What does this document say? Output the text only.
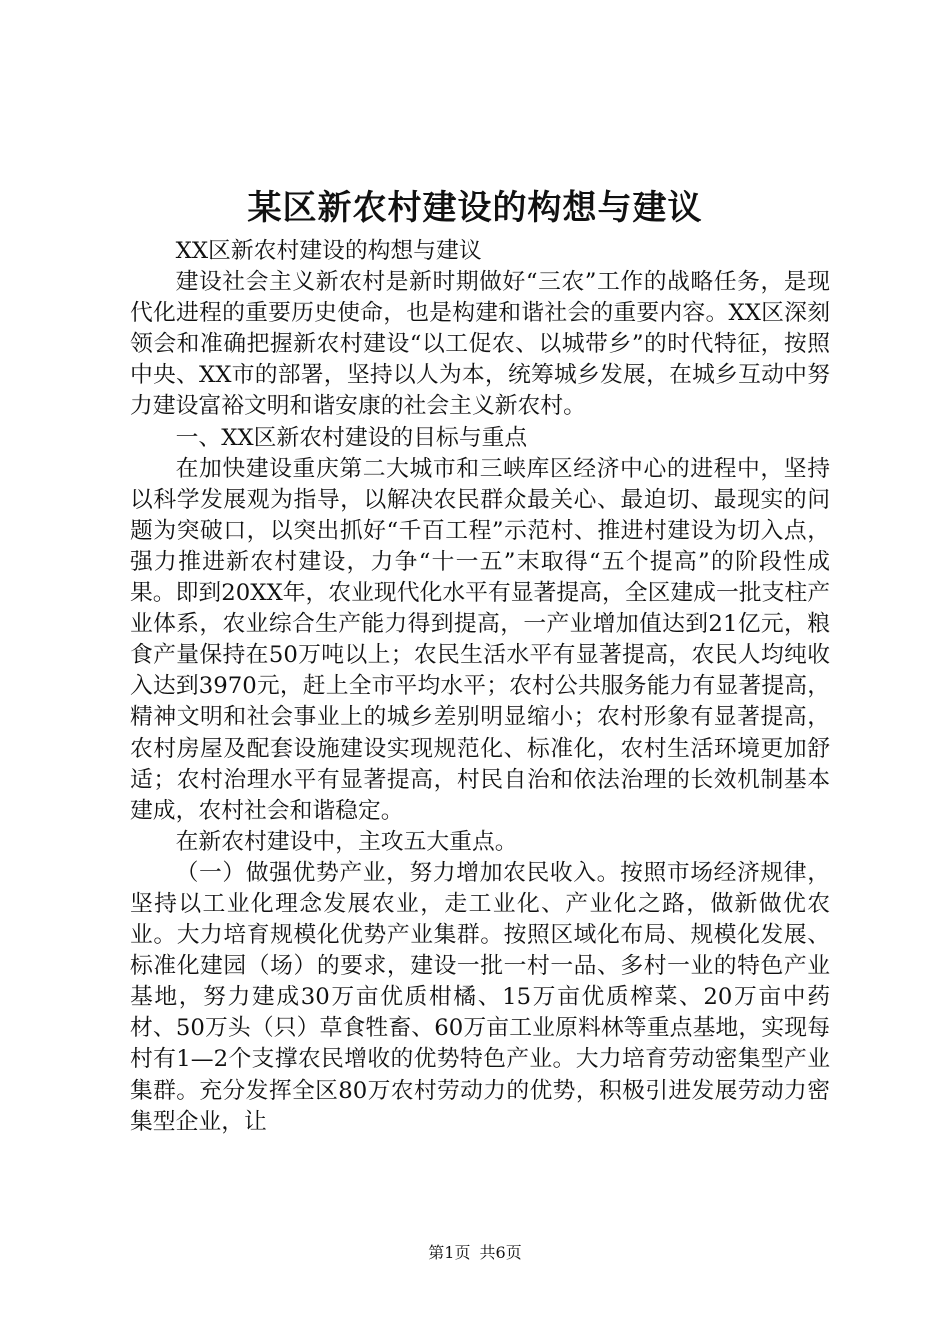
某区新农村建设的构想与建议

XX区新农村建设的构想与建议

建设社会主义新农村是新时期做好“三农”工作的战略任务，是现代化进程的重要历史使命，也是构建和谐社会的重要内容。XX区深刻领会和准确把握新农村建设“以工促农、以城带乡”的时代特征，按照中央、XX市的部署，坚持以人为本，统筹城乡发展，在城乡互动中努力建设富裕文明和谐安康的社会主义新农村。

一、XX区新农村建设的目标与重点

在加快建设重庆第二大城市和三峡库区经济中心的进程中，坚持以科学发展观为指导，以解决农民群众最关心、最迫切、最现实的问题为突破口，以突出抓好“千百工程”示范村、推进村建设为切入点，强力推进新农村建设，力争“十一五”末取得“五个提高”的阶段性成果。即到20XX年，农业现代化水平有显著提高，全区建成一批支柱产业体系，农业综合生产能力得到提高，一产业增加值达到21亿元，粮食产量保持在50万吨以上；农民生活水平有显著提高，农民人均纯收入达到3970元，赶上全市平均水平；农村公共服务能力有显著提高，精神文明和社会事业上的城乡差别明显缩小；农村形象有显著提高，农村房屋及配套设施建设实现规范化、标准化，农村生活环境更加舒适；农村治理水平有显著提高，村民自治和依法治理的长效机制基本建成，农村社会和谐稳定。

在新农村建设中，主攻五大重点。

（一）做强优势产业，努力增加农民收入。按照市场经济规律，坚持以工业化理念发展农业，走工业化、产业化之路，做新做优农业。大力培育规模化优势产业集群。按照区域化布局、规模化发展、标准化建园（场）的要求，建设一批一村一品、多村一业的特色产业基地，努力建成30万亩优质柑橘、15万亩优质榨菜、20万亩中药材、50万头（只）草食牲畜、60万亩工业原料林等重点基地，实现每村有1—2个支撑农民增收的优势特色产业。大力培育劳动密集型产业集群。充分发挥全区80万农村劳动力的优势，积极引进发展劳动力密集型企业，让

第1页 共6页
